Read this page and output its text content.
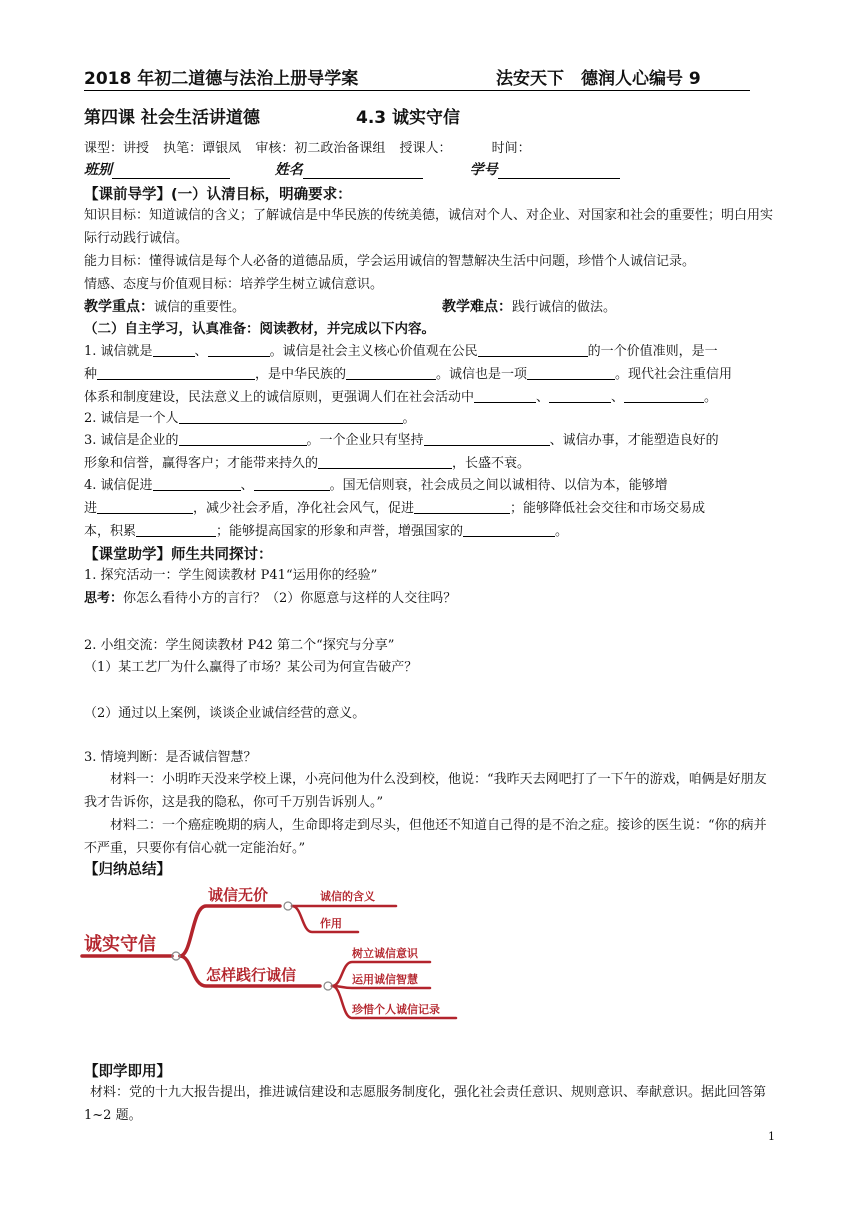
2018 年初二道德与法治上册导学案	法安天下　德润人心编号 9
第四课 社会生活讲道德	4.3 诚实守信
课型：讲授 执笔：谭银凤 审核：初二政治备课组 授课人：	时间：
班别	姓名	学号
【课前导学】(一）认清目标，明确要求：
知识目标：知道诚信的含义；了解诚信是中华民族的传统美德，诚信对个人、对企业、对国家和社会的重要性；明白用实际行动践行诚信。
能力目标：懂得诚信是每个人必备的道德品质，学会运用诚信的智慧解决生活中问题，珍惜个人诚信记录。
情感、态度与价值观目标：培养学生树立诚信意识。
教学重点：诚信的重要性。	教学难点：践行诚信的做法。
（二）自主学习，认真准备：阅读教材，并完成以下内容。
1. 诚信就是	、	。诚信是社会主义核心价值观在公民	的一个价值准则，是一
种	，是中华民族的	。诚信也是一项	。现代社会注重信用
体系和制度建设，民法意义上的诚信原则，更强调人们在社会活动中	、	、	。
2. 诚信是一个人	。
3. 诚信是企业的	。一个企业只有坚持	、诚信办事，才能塑造良好的
形象和信誉，赢得客户；才能带来持久的	，长盛不衰。
4. 诚信促进	、	。国无信则衰，社会成员之间以诚相待、以信为本，能够增
进	，减少社会矛盾，净化社会风气，促进	；能够降低社会交往和市场交易成
本，积累	；能够提高国家的形象和声誉，增强国家的	。
【课堂助学】师生共同探讨：
1. 探究活动一：学生阅读教材 P41“运用你的经验”
思考：你怎么看待小方的言行？（2）你愿意与这样的人交往吗？
2. 小组交流：学生阅读教材 P42 第二个“探究与分享”
（1）某工艺厂为什么赢得了市场？某公司为何宣告破产？
（2）通过以上案例，谈谈企业诚信经营的意义。
3. 情境判断：是否诚信智慧？
材料一：小明昨天没来学校上课，小亮问他为什么没到校，他说：“我昨天去网吧打了一下午的游戏，咱俩是好朋友我才告诉你，这是我的隐私，你可千万别告诉别人。”
材料二：一个癌症晚期的病人，生命即将走到尽头，但他还不知道自己得的是不治之症。接诊的医生说：“你的病并不严重，只要你有信心就一定能治好。”
【归纳总结】
诚实守信
诚信无价
怎样践行诚信
诚信的含义
作用
树立诚信意识
运用诚信智慧
珍惜个人诚信记录
【即学即用】
材料：党的十九大报告提出，推进诚信建设和志愿服务制度化，强化社会责任意识、规则意识、奉献意识。据此回答第 1~2 题。
1
